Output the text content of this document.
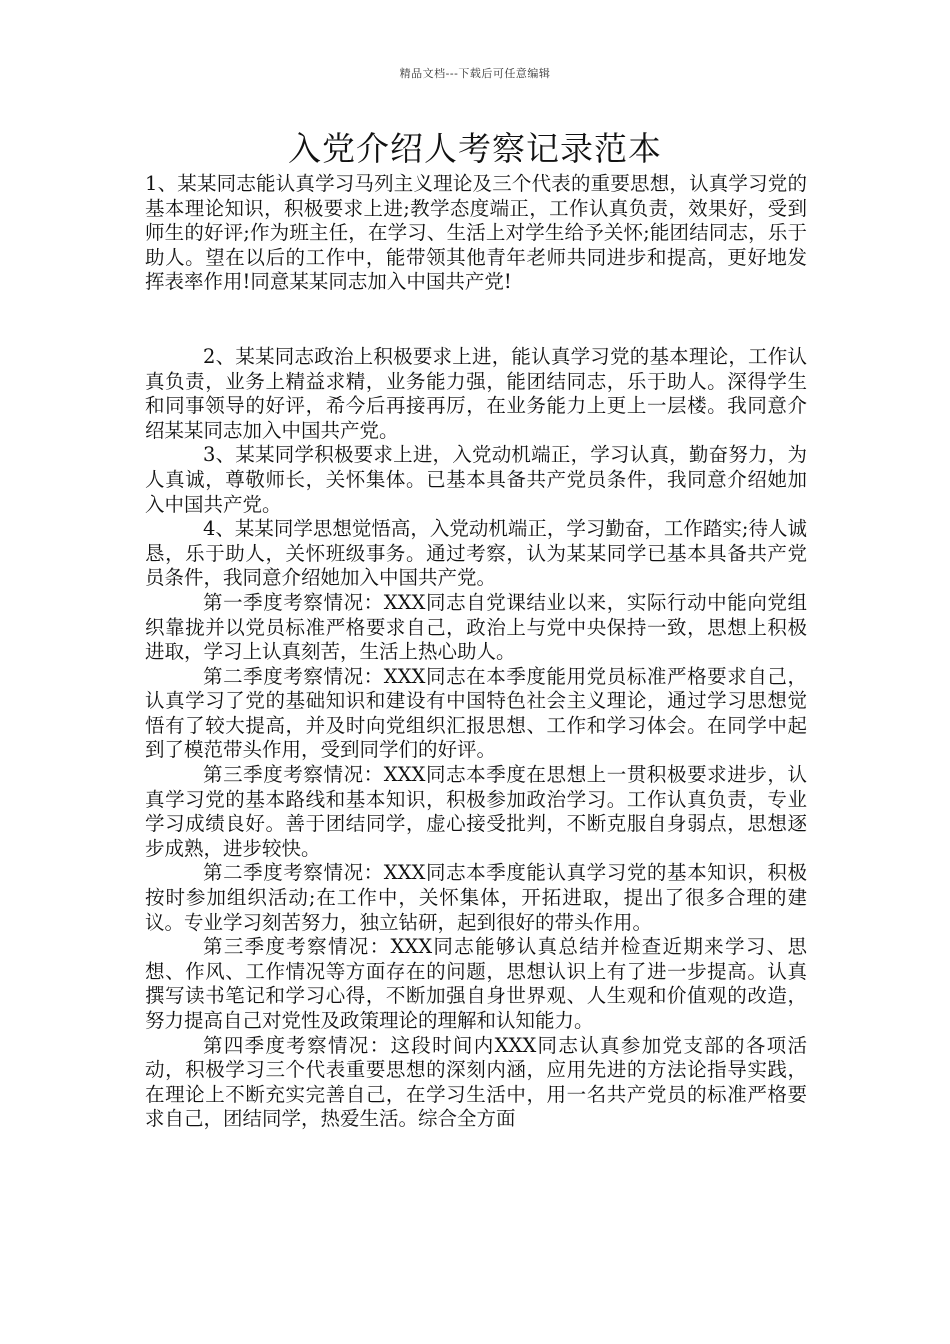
精品文档---下载后可任意编辑
入党介绍人考察记录范本

1、某某同志能认真学习马列主义理论及三个代表的重要思想，认真学习党的基本理论知识，积极要求上进;教学态度端正，工作认真负责，效果好，受到师生的好评;作为班主任，在学习、生活上对学生给予关怀;能团结同志，乐于助人。望在以后的工作中，能带领其他青年老师共同进步和提高，更好地发挥表率作用!同意某某同志加入中国共产党!

2、某某同志政治上积极要求上进，能认真学习党的基本理论，工作认真负责，业务上精益求精，业务能力强，能团结同志，乐于助人。深得学生和同事领导的好评，希今后再接再厉，在业务能力上更上一层楼。我同意介绍某某同志加入中国共产党。

3、某某同学积极要求上进，入党动机端正，学习认真，勤奋努力，为人真诚，尊敬师长，关怀集体。已基本具备共产党员条件，我同意介绍她加入中国共产党。

4、某某同学思想觉悟高，入党动机端正，学习勤奋，工作踏实;待人诚恳，乐于助人，关怀班级事务。通过考察，认为某某同学已基本具备共产党员条件，我同意介绍她加入中国共产党。

第一季度考察情况：XXX同志自党课结业以来，实际行动中能向党组织靠拢并以党员标准严格要求自己，政治上与党中央保持一致，思想上积极进取，学习上认真刻苦，生活上热心助人。

第二季度考察情况：XXX同志在本季度能用党员标准严格要求自己，认真学习了党的基础知识和建设有中国特色社会主义理论，通过学习思想觉悟有了较大提高，并及时向党组织汇报思想、工作和学习体会。在同学中起到了模范带头作用，受到同学们的好评。

第三季度考察情况：XXX同志本季度在思想上一贯积极要求进步，认真学习党的基本路线和基本知识，积极参加政治学习。工作认真负责，专业学习成绩良好。善于团结同学，虚心接受批判，不断克服自身弱点，思想逐步成熟，进步较快。

第二季度考察情况：XXX同志本季度能认真学习党的基本知识，积极按时参加组织活动;在工作中，关怀集体，开拓进取，提出了很多合理的建议。专业学习刻苦努力，独立钻研，起到很好的带头作用。

第三季度考察情况：XXX同志能够认真总结并检查近期来学习、思想、作风、工作情况等方面存在的问题，思想认识上有了进一步提高。认真撰写读书笔记和学习心得，不断加强自身世界观、人生观和价值观的改造，努力提高自己对党性及政策理论的理解和认知能力。

第四季度考察情况：这段时间内XXX同志认真参加党支部的各项活动，积极学习三个代表重要思想的深刻内涵，应用先进的方法论指导实践，在理论上不断充实完善自己，在学习生活中，用一名共产党员的标准严格要求自己，团结同学，热爱生活。综合全方面
